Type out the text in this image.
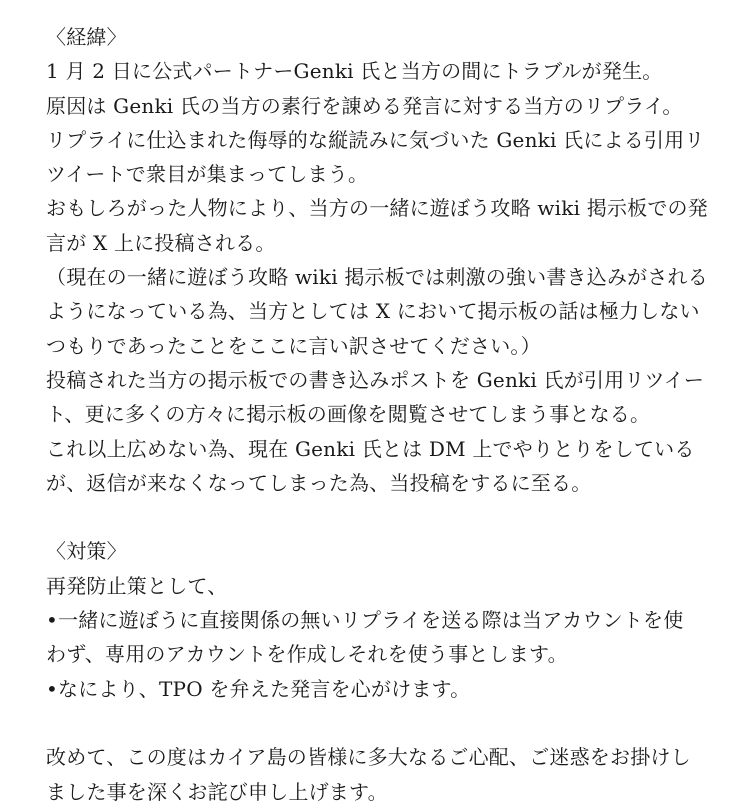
〈経緯〉
1 月 2 日に公式パートナーGenki 氏と当方の間にトラブルが発生。
原因は Genki 氏の当方の素行を諌める発言に対する当方のリプライ。
リプライに仕込まれた侮辱的な縦読みに気づいた Genki 氏による引用リ
ツイートで衆目が集まってしまう。
おもしろがった人物により、当方の一緒に遊ぼう攻略 wiki 掲示板での発
言が X 上に投稿される。
（現在の一緒に遊ぼう攻略 wiki 掲示板では刺激の強い書き込みがされる
ようになっている為、当方としては X において掲示板の話は極力しない
つもりであったことをここに言い訳させてください。）
投稿された当方の掲示板での書き込みポストを Genki 氏が引用リツイー
ト、更に多くの方々に掲示板の画像を閲覧させてしまう事となる。
これ以上広めない為、現在 Genki 氏とは DM 上でやりとりをしている
が、返信が来なくなってしまった為、当投稿をするに至る。
〈対策〉
再発防止策として、
•一緒に遊ぼうに直接関係の無いリプライを送る際は当アカウントを使
わず、専用のアカウントを作成しそれを使う事とします。
•なにより、TPO を弁えた発言を心がけます。
改めて、この度はカイア島の皆様に多大なるご心配、ご迷惑をお掛けし
ました事を深くお詫び申し上げます。
